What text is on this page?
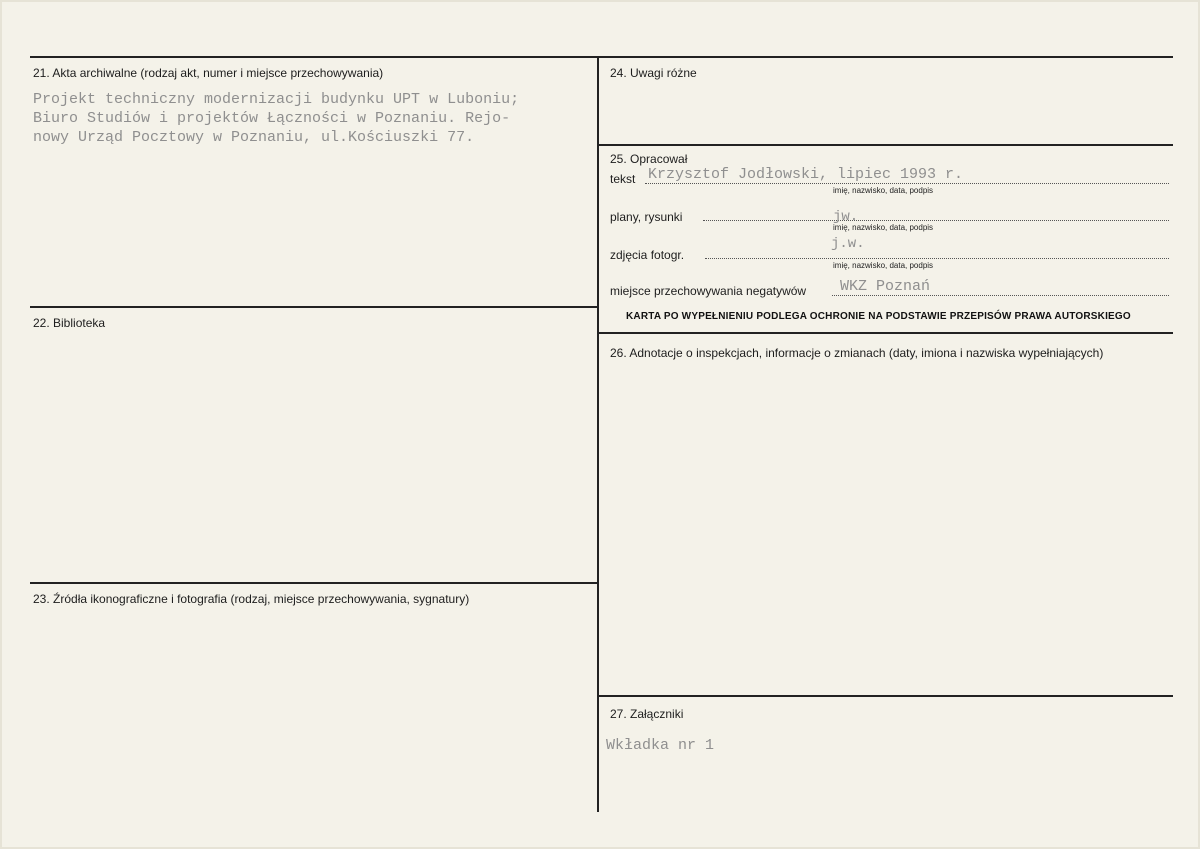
21. Akta archiwalne (rodzaj akt, numer i miejsce przechowywania)
Projekt techniczny modernizacji budynku UPT w Luboniu;
Biuro Studiów i projektów Łączności w Poznaniu. Rejo-
nowy Urząd Pocztowy w Poznaniu, ul.Kościuszki 77.
22. Biblioteka
23. Źródła ikonograficzne i fotografia (rodzaj, miejsce przechowywania, sygnatury)
24. Uwagi różne
25. Opracował
tekst Krzysztof Jodłowski, lipiec 1993 r.
imię, nazwisko, data, podpis
plany, rysunki	jw.
imię, nazwisko, data, podpis
j.w.
zdjęcia fotogr.
imię, nazwisko, data, podpis
miejsce przechowywania negatywów WKZ Poznań
KARTA PO WYPEŁNIENIU PODLEGA OCHRONIE NA PODSTAWIE PRZEPISÓW PRAWA AUTORSKIEGO
26. Adnotacje o inspekcjach, informacje o zmianach (daty, imiona i nazwiska wypełniających)
27. Załączniki
Wkładka nr 1
